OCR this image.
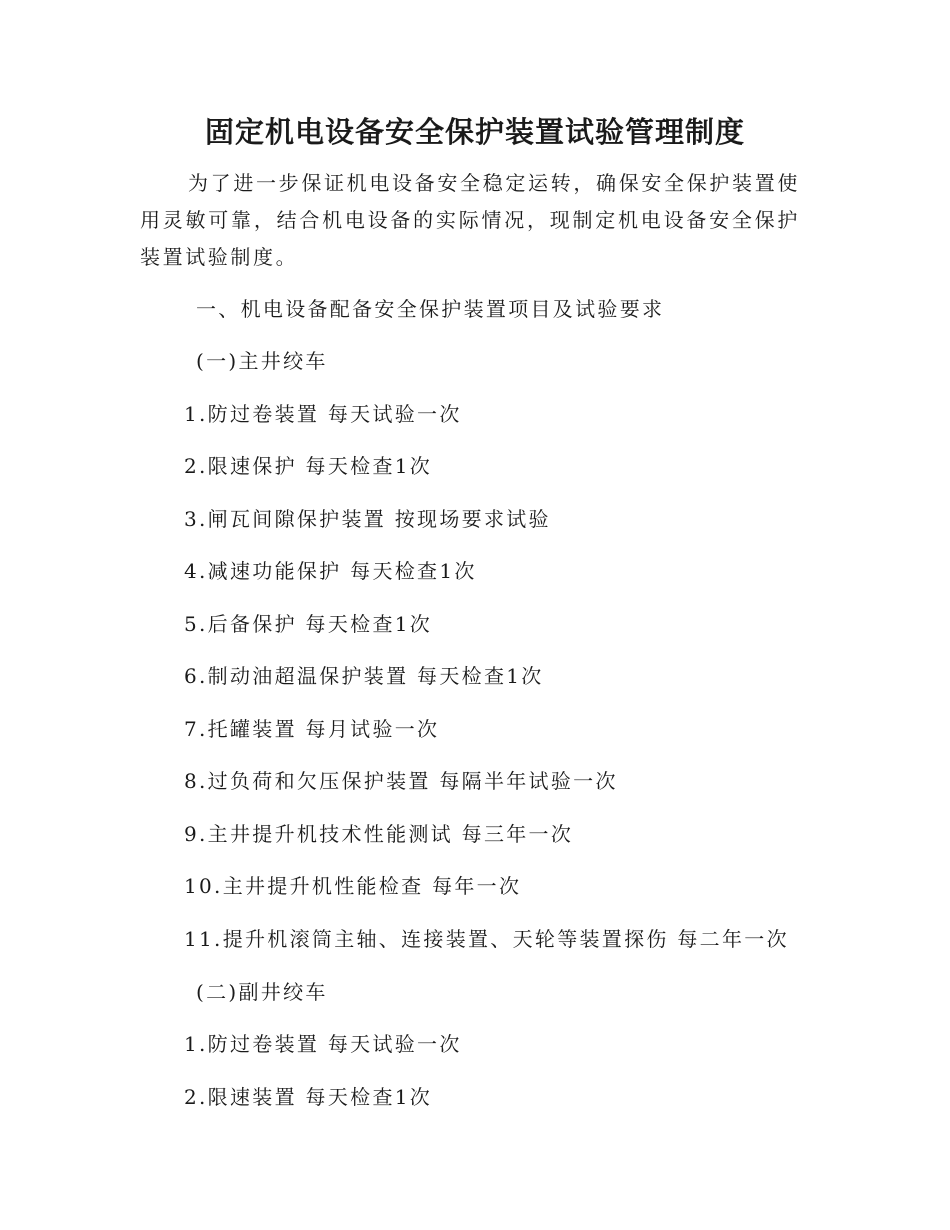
固定机电设备安全保护装置试验管理制度
为了进一步保证机电设备安全稳定运转，确保安全保护装置使用灵敏可靠，结合机电设备的实际情况，现制定机电设备安全保护装置试验制度。
一、机电设备配备安全保护装置项目及试验要求
(一)主井绞车
1.防过卷装置 每天试验一次
2.限速保护 每天检查1次
3.闸瓦间隙保护装置 按现场要求试验
4.减速功能保护 每天检查1次
5.后备保护 每天检查1次
6.制动油超温保护装置 每天检查1次
7.托罐装置 每月试验一次
8.过负荷和欠压保护装置 每隔半年试验一次
9.主井提升机技术性能测试 每三年一次
10.主井提升机性能检查 每年一次
11.提升机滚筒主轴、连接装置、天轮等装置探伤 每二年一次
(二)副井绞车
1.防过卷装置 每天试验一次
2.限速装置 每天检查1次
